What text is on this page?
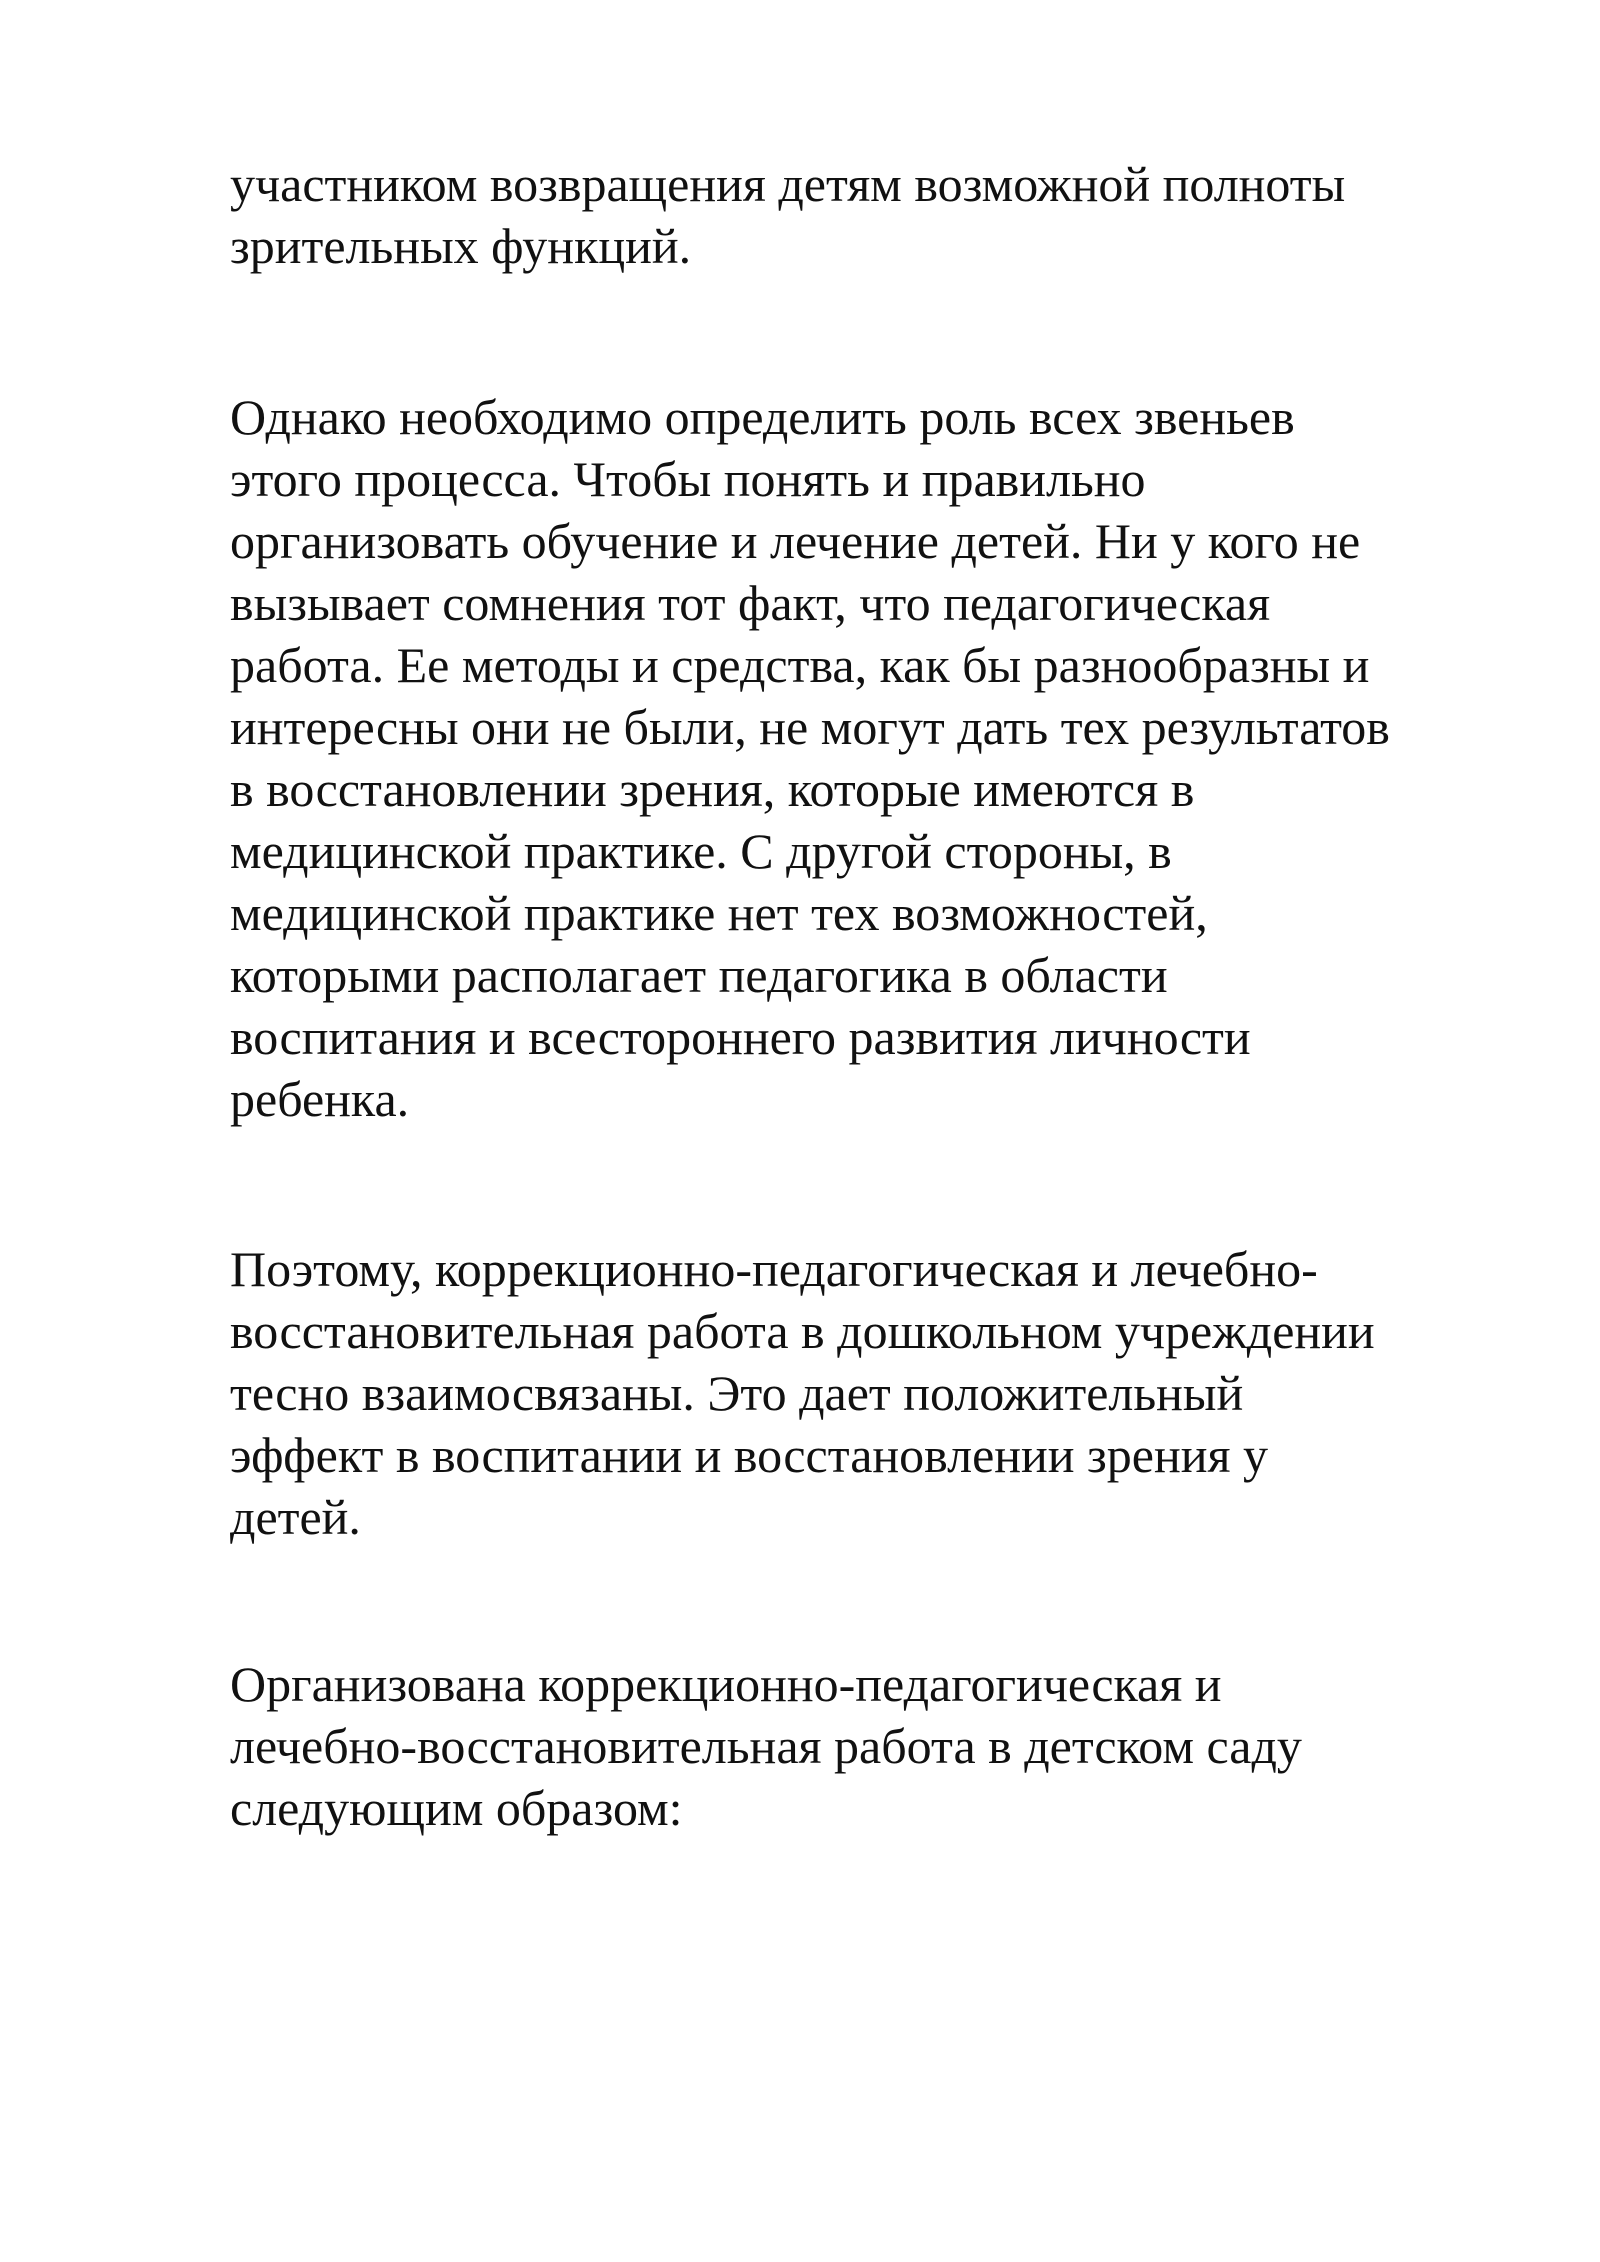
участником возвращения детям возможной полноты
зрительных функций.

Однако необходимо определить роль всех звеньев
этого процесса. Чтобы понять и правильно
организовать обучение и лечение детей. Ни у кого не
вызывает сомнения тот факт, что педагогическая
работа. Ее методы и средства, как бы разнообразны и
интересны они не были, не могут дать тех результатов
в восстановлении зрения, которые имеются в
медицинской практике. С другой стороны, в
медицинской практике нет тех возможностей,
которыми располагает педагогика в области
воспитания и всестороннего развития личности
ребенка.

Поэтому, коррекционно-педагогическая и лечебно-
восстановительная работа в дошкольном учреждении
тесно взаимосвязаны. Это дает положительный
эффект в воспитании и восстановлении зрения у
детей.

Организована коррекционно-педагогическая и
лечебно-восстановительная работа в детском саду
следующим образом:
